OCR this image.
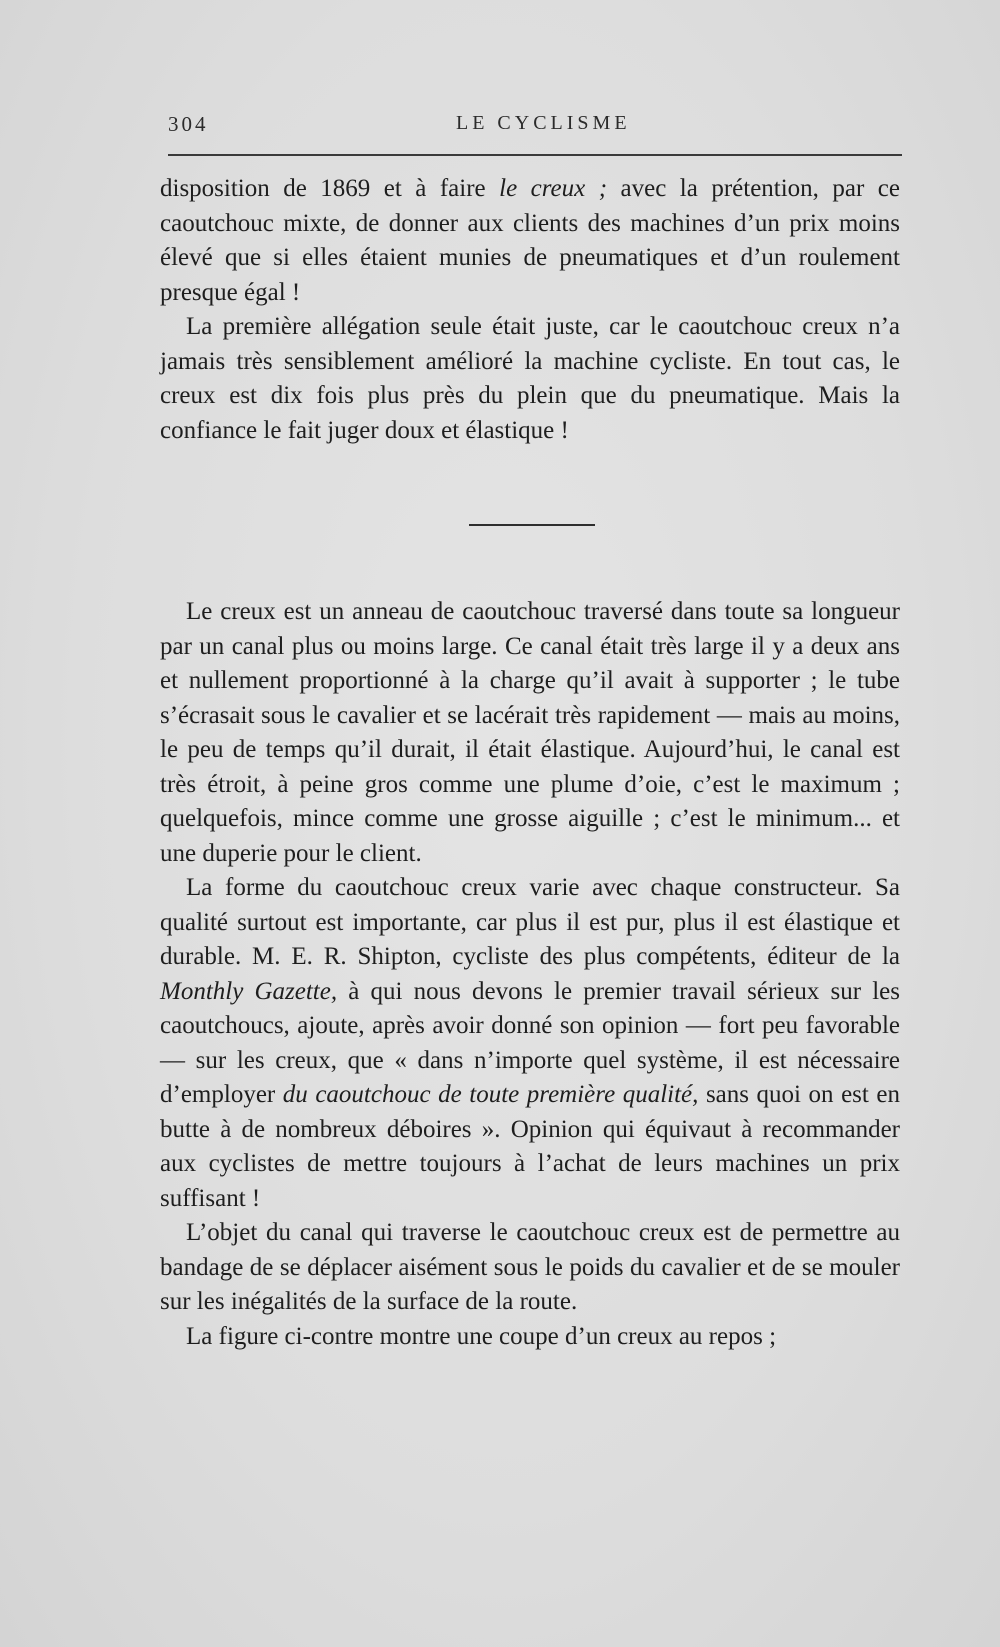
304	LE CYCLISME

disposition de 1869 et à faire le creux ; avec la prétention, par ce caoutchouc mixte, de donner aux clients des machines d’un prix moins élevé que si elles étaient munies de pneumatiques et d’un roulement presque égal !

La première allégation seule était juste, car le caoutchouc creux n’a jamais très sensiblement amélioré la machine cycliste. En tout cas, le creux est dix fois plus près du plein que du pneumatique. Mais la confiance le fait juger doux et élastique !

Le creux est un anneau de caoutchouc traversé dans toute sa longueur par un canal plus ou moins large. Ce canal était très large il y a deux ans et nullement proportionné à la charge qu’il avait à supporter ; le tube s’écrasait sous le cavalier et se lacérait très rapidement — mais au moins, le peu de temps qu’il durait, il était élastique. Aujourd’hui, le canal est très étroit, à peine gros comme une plume d’oie, c’est le maximum ; quelquefois, mince comme une grosse aiguille ; c’est le minimum... et une duperie pour le client.

La forme du caoutchouc creux varie avec chaque constructeur. Sa qualité surtout est importante, car plus il est pur, plus il est élastique et durable. M. E. R. Shipton, cycliste des plus compétents, éditeur de la Monthly Gazette, à qui nous devons le premier travail sérieux sur les caoutchoucs, ajoute, après avoir donné son opinion — fort peu favorable — sur les creux, que « dans n’importe quel système, il est nécessaire d’employer du caoutchouc de toute première qualité, sans quoi on est en butte à de nombreux déboires ». Opinion qui équivaut à recommander aux cyclistes de mettre toujours à l’achat de leurs machines un prix suffisant !

L’objet du canal qui traverse le caoutchouc creux est de permettre au bandage de se déplacer aisément sous le poids du cavalier et de se mouler sur les inégalités de la surface de la route.

La figure ci-contre montre une coupe d’un creux au repos ;
